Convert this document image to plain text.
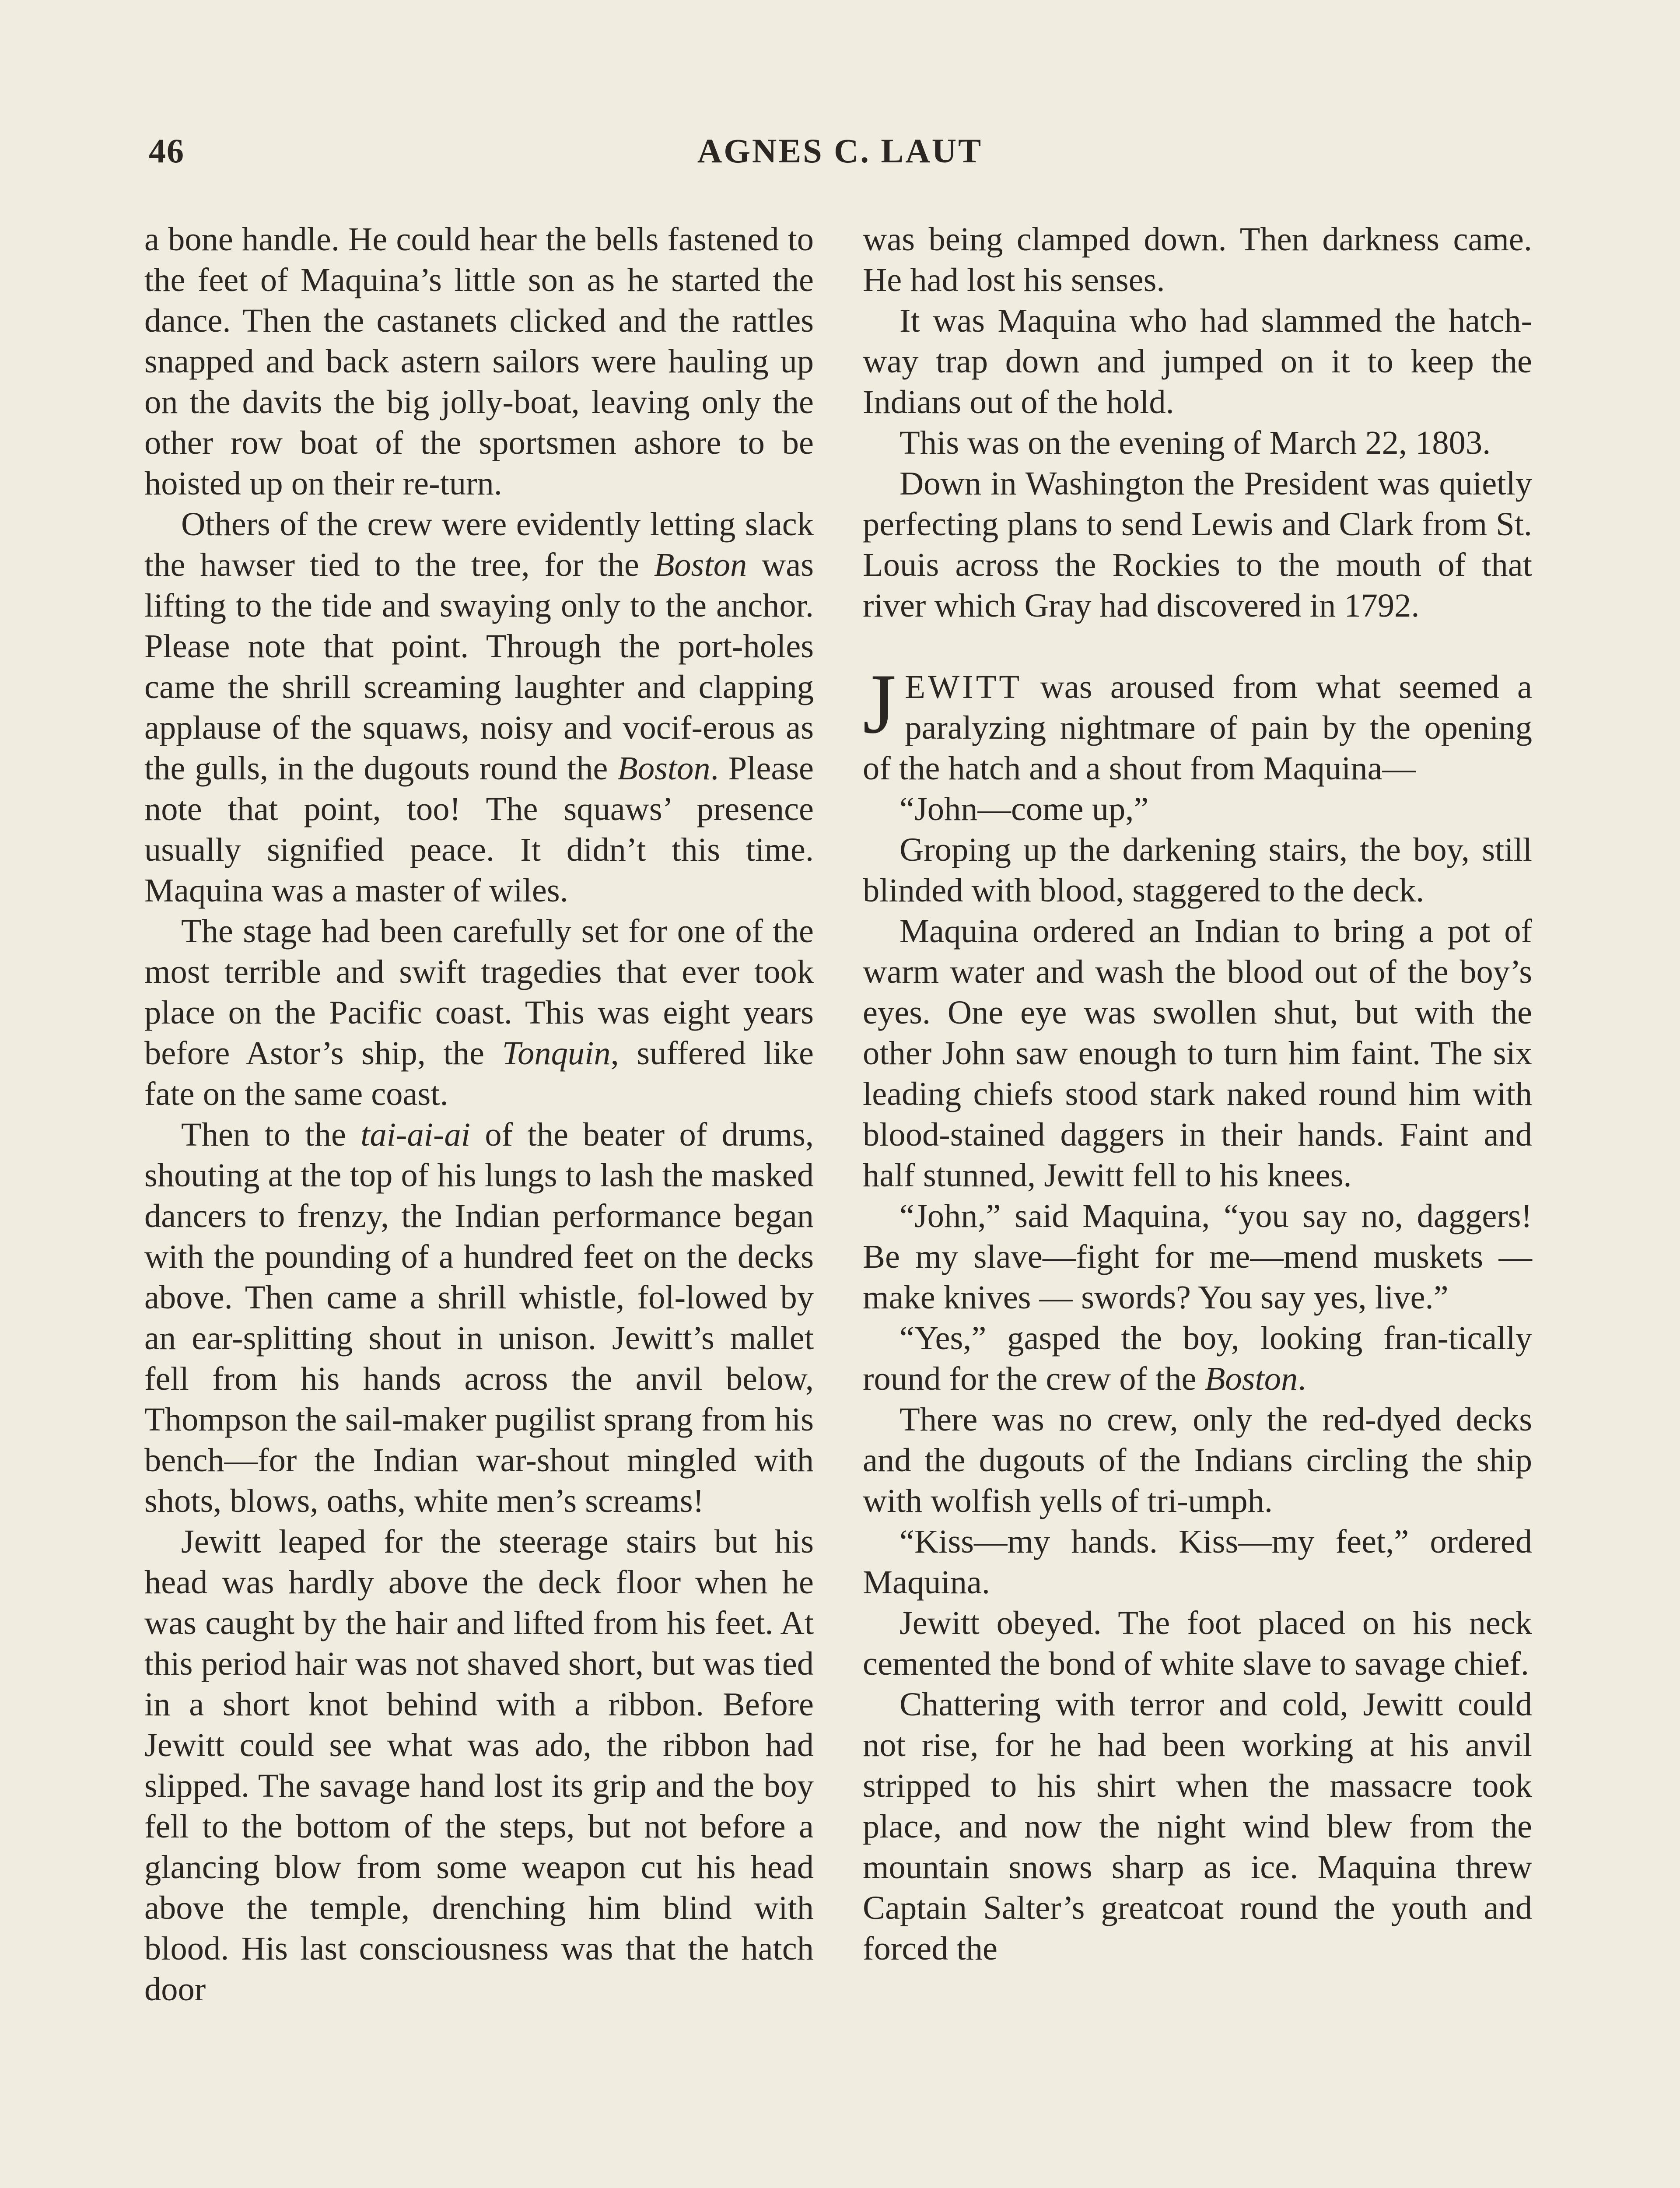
46	AGNES C. LAUT

a bone handle. He could hear the bells fastened to the feet of Maquina’s little son as he started the dance. Then the castanets clicked and the rattles snapped and back astern sailors were hauling up on the davits the big jolly-boat, leaving only the other row boat of the sportsmen ashore to be hoisted up on their re-turn.

Others of the crew were evidently letting slack the hawser tied to the tree, for the Boston was lifting to the tide and swaying only to the anchor. Please note that point. Through the port-holes came the shrill screaming laughter and clapping applause of the squaws, noisy and vocif-erous as the gulls, in the dugouts round the Boston. Please note that point, too! The squaws’ presence usually signified peace. It didn’t this time. Maquina was a master of wiles.

The stage had been carefully set for one of the most terrible and swift tragedies that ever took place on the Pacific coast. This was eight years before Astor’s ship, the Tonquin, suffered like fate on the same coast.

Then to the tai-ai-ai of the beater of drums, shouting at the top of his lungs to lash the masked dancers to frenzy, the Indian performance began with the pounding of a hundred feet on the decks above. Then came a shrill whistle, fol-lowed by an ear-splitting shout in unison. Jewitt’s mallet fell from his hands across the anvil below, Thompson the sail-maker pugilist sprang from his bench—for the Indian war-shout mingled with shots, blows, oaths, white men’s screams!

Jewitt leaped for the steerage stairs but his head was hardly above the deck floor when he was caught by the hair and lifted from his feet. At this period hair was not shaved short, but was tied in a short knot behind with a ribbon. Before Jewitt could see what was ado, the ribbon had slipped. The savage hand lost its grip and the boy fell to the bottom of the steps, but not before a glancing blow from some weapon cut his head above the temple, drenching him blind with blood. His last consciousness was that the hatch door

was being clamped down. Then darkness came. He had lost his senses.

It was Maquina who had slammed the hatch-way trap down and jumped on it to keep the Indians out of the hold.

This was on the evening of March 22, 1803.

Down in Washington the President was quietly perfecting plans to send Lewis and Clark from St. Louis across the Rockies to the mouth of that river which Gray had discovered in 1792.

JEWITT was aroused from what seemed a paralyzing nightmare of pain by the opening of the hatch and a shout from Maquina—

“John—come up,”

Groping up the darkening stairs, the boy, still blinded with blood, staggered to the deck.

Maquina ordered an Indian to bring a pot of warm water and wash the blood out of the boy’s eyes. One eye was swollen shut, but with the other John saw enough to turn him faint. The six leading chiefs stood stark naked round him with blood-stained daggers in their hands. Faint and half stunned, Jewitt fell to his knees.

“John,” said Maquina, “you say no, daggers! Be my slave—fight for me—mend muskets — make knives — swords? You say yes, live.”

“Yes,” gasped the boy, looking fran-tically round for the crew of the Boston.

There was no crew, only the red-dyed decks and the dugouts of the Indians circling the ship with wolfish yells of tri-umph.

“Kiss—my hands. Kiss—my feet,” ordered Maquina.

Jewitt obeyed. The foot placed on his neck cemented the bond of white slave to savage chief.

Chattering with terror and cold, Jewitt could not rise, for he had been working at his anvil stripped to his shirt when the massacre took place, and now the night wind blew from the mountain snows sharp as ice. Maquina threw Captain Salter’s greatcoat round the youth and forced the
